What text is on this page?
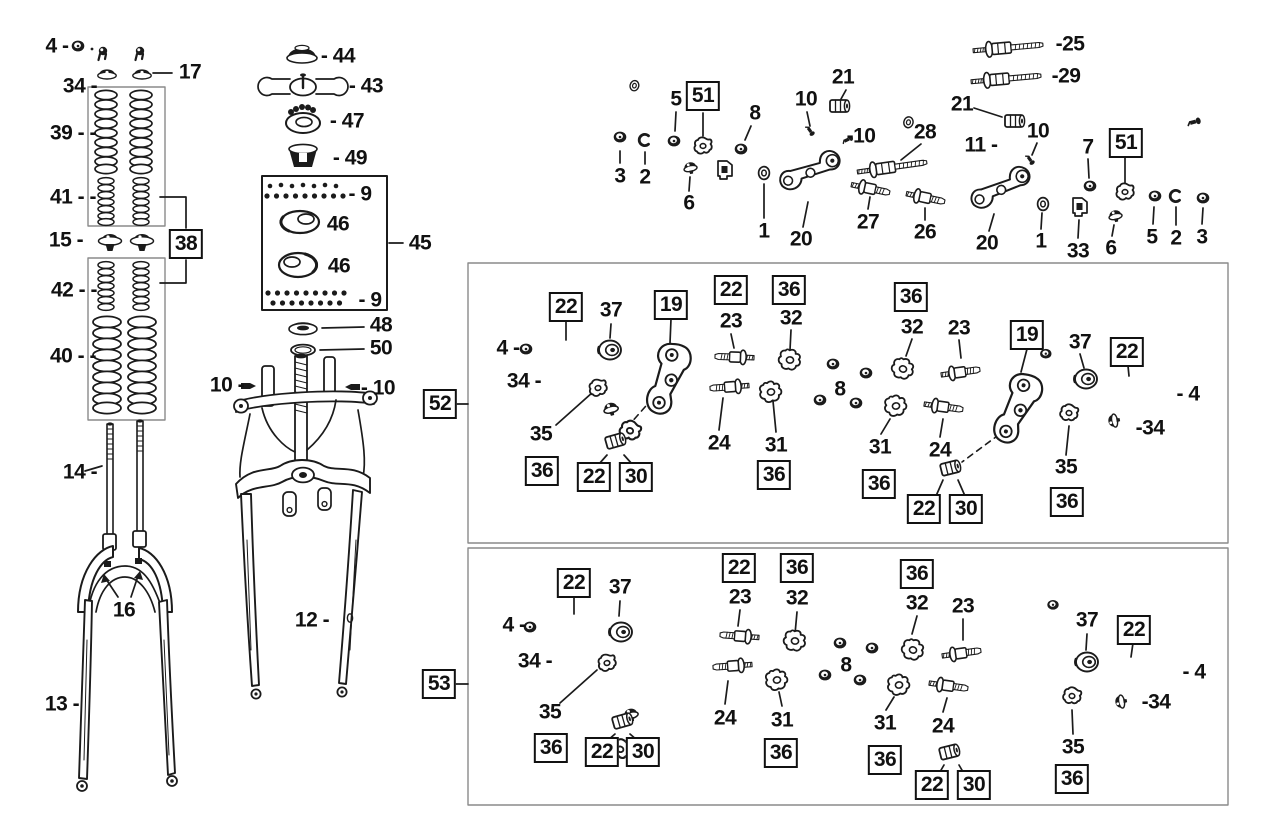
4 -
34 -
17
39 - -
41 - -
15 -	38
42 - -
40 - -
14 -
16
13 -
- 44
- 43
- 47
- 49
- 9
46
46
- 9
45
48
50
10 -	- 10
12 -
3 2
5 51
6
8
1 20
10
21
-10 28
27 26
11 -
-25
-29
21
10
7 51
20 1 33 6 5 2 3
52
4 -
34 -
22 37 19
35
36 22 30
22
23
36
32
8
24 31
36
36
32 23 19 37 22
- 4
-34
31 24
36
22 30
35
36
53
4 -
34 -
22 37
35
36 22 30
22
23
36
32
8
24 31
36
36
32 23
31 24
36
22 30
37 22
- 4
-34
35
36
